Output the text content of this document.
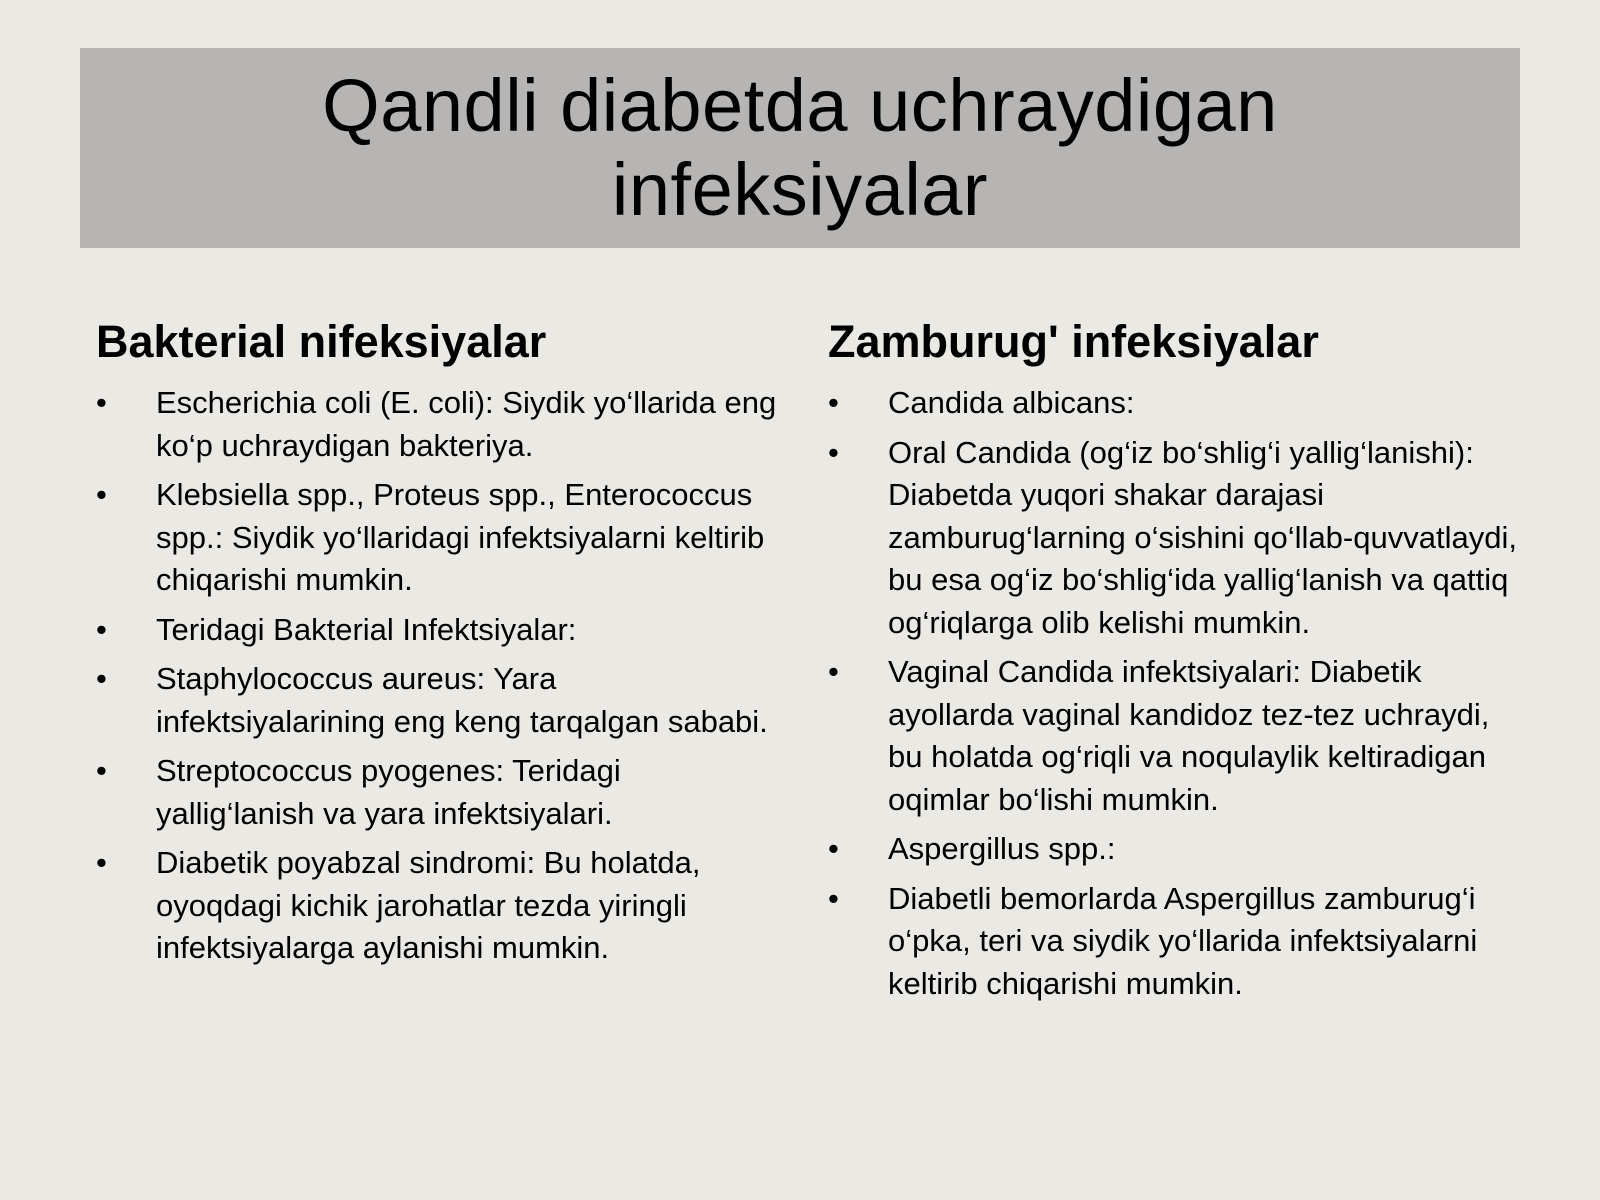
Qandli diabetda uchraydigan infeksiyalar
Bakterial nifeksiyalar
• Escherichia coli (E. coli): Siydik yo‘llarida eng ko‘p uchraydigan bakteriya.
• Klebsiella spp., Proteus spp., Enterococcus spp.: Siydik yo‘llaridagi infektsiyalarni keltirib chiqarishi mumkin.
• Teridagi Bakterial Infektsiyalar:
• Staphylococcus aureus: Yara infektsiyalarining eng keng tarqalgan sababi.
• Streptococcus pyogenes: Teridagi yallig‘lanish va yara infektsiyalari.
• Diabetik poyabzal sindromi: Bu holatda, oyoqdagi kichik jarohatlar tezda yiringli infektsiyalarga aylanishi mumkin.
Zamburug' infeksiyalar
• Candida albicans:
• Oral Candida (og‘iz bo‘shlig‘i yallig‘lanishi): Diabetda yuqori shakar darajasi zamburug‘larning o‘sishini qo‘llab-quvvatlaydi, bu esa og‘iz bo‘shlig‘ida yallig‘lanish va qattiq og‘riqlarga olib kelishi mumkin.
• Vaginal Candida infektsiyalari: Diabetik ayollarda vaginal kandidoz tez-tez uchraydi, bu holatda og‘riqli va noqulaylik keltiradigan oqimlar bo‘lishi mumkin.
• Aspergillus spp.:
• Diabetli bemorlarda Aspergillus zamburug‘i o‘pka, teri va siydik yo‘llarida infektsiyalarni keltirib chiqarishi mumkin.
